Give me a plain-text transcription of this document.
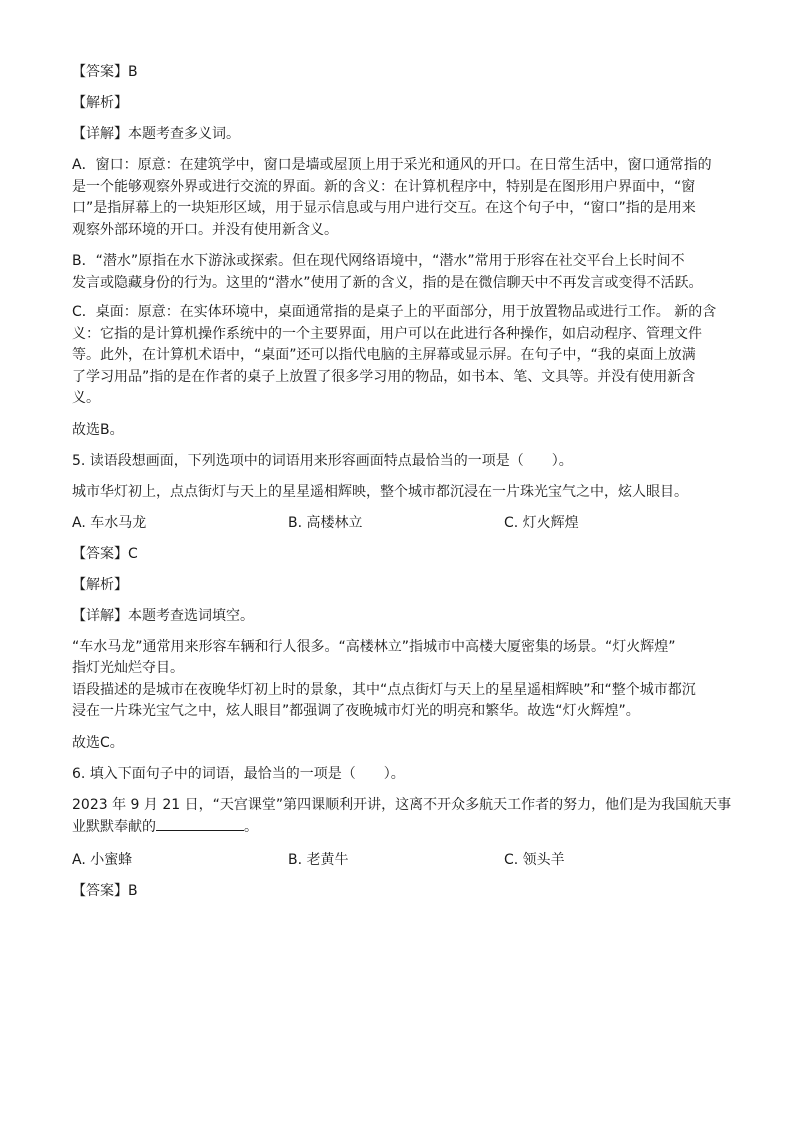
【答案】B

【解析】

【详解】本题考查多义词。

A．窗口：原意：在建筑学中，窗口是墙或屋顶上用于采光和通风的开口。在日常生活中，窗口通常指的

是一个能够观察外界或进行交流的界面。新的含义：在计算机程序中，特别是在图形用户界面中，“窗

口”是指屏幕上的一块矩形区域，用于显示信息或与用户进行交互。在这个句子中，“窗口”指的是用来

观察外部环境的开口。并没有使用新含义。

B．“潜水”原指在水下游泳或探索。但在现代网络语境中，“潜水”常用于形容在社交平台上长时间不

发言或隐藏身份的行为。这里的“潜水”使用了新的含义，指的是在微信聊天中不再发言或变得不活跃。

C．桌面：原意：在实体环境中，桌面通常指的是桌子上的平面部分，用于放置物品或进行工作。 新的含

义：它指的是计算机操作系统中的一个主要界面，用户可以在此进行各种操作，如启动程序、管理文件

等。此外，在计算机术语中，“桌面”还可以指代电脑的主屏幕或显示屏。在句子中，“我的桌面上放满

了学习用品”指的是在作者的桌子上放置了很多学习用的物品，如书本、笔、文具等。并没有使用新含

义。

故选B。

5. 读语段想画面，下列选项中的词语用来形容画面特点最恰当的一项是（　　）。

城市华灯初上，点点街灯与天上的星星遥相辉映，整个城市都沉浸在一片珠光宝气之中，炫人眼目。

A. 车水马龙	B. 高楼林立	C. 灯火辉煌

【答案】C

【解析】

【详解】本题考查选词填空。

“车水马龙”通常用来形容车辆和行人很多。“高楼林立”指城市中高楼大厦密集的场景。“灯火辉煌”

指灯光灿烂夺目。

语段描述的是城市在夜晚华灯初上时的景象，其中“点点街灯与天上的星星遥相辉映”和“整个城市都沉

浸在一片珠光宝气之中，炫人眼目”都强调了夜晚城市灯光的明亮和繁华。故选“灯火辉煌”。

故选C。

6. 填入下面句子中的词语，最恰当的一项是（　　）。

2023 年 9 月 21 日，“天宫课堂”第四课顺利开讲，这离不开众多航天工作者的努力，他们是为我国航天事

业默默奉献的	。

A. 小蜜蜂	B. 老黄牛	C. 领头羊

【答案】B
